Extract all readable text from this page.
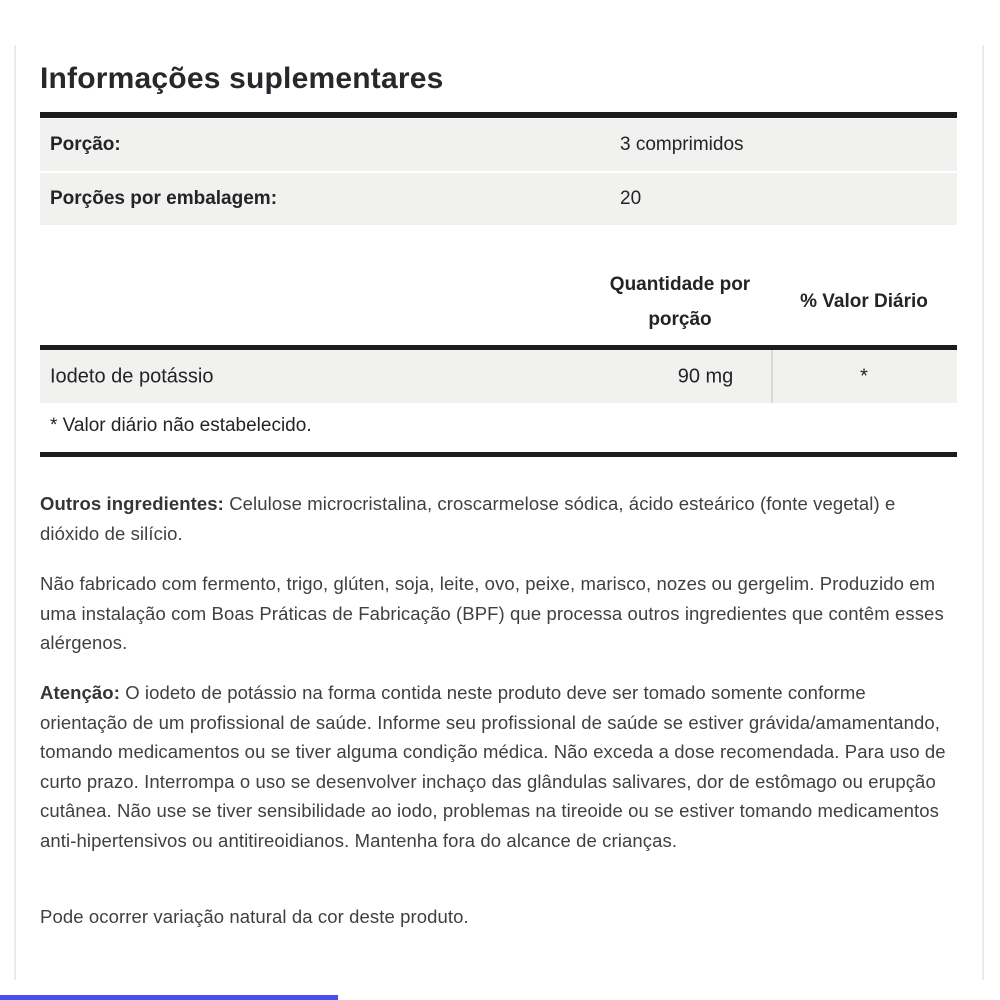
Informações suplementares
Porção:	3 comprimidos
Porções por embalagem:	20
Quantidade por porção
% Valor Diário
Iodeto de potássio	90 mg	*
* Valor diário não estabelecido.

Outros ingredientes: Celulose microcristalina, croscarmelose sódica, ácido esteárico (fonte vegetal) e dióxido de silício.

Não fabricado com fermento, trigo, glúten, soja, leite, ovo, peixe, marisco, nozes ou gergelim. Produzido em uma instalação com Boas Práticas de Fabricação (BPF) que processa outros ingredientes que contêm esses alérgenos.

Atenção: O iodeto de potássio na forma contida neste produto deve ser tomado somente conforme orientação de um profissional de saúde. Informe seu profissional de saúde se estiver grávida/amamentando, tomando medicamentos ou se tiver alguma condição médica. Não exceda a dose recomendada. Para uso de curto prazo. Interrompa o uso se desenvolver inchaço das glândulas salivares, dor de estômago ou erupção cutânea. Não use se tiver sensibilidade ao iodo, problemas na tireoide ou se estiver tomando medicamentos anti-hipertensivos ou antitireoidianos. Mantenha fora do alcance de crianças.

Pode ocorrer variação natural da cor deste produto.
